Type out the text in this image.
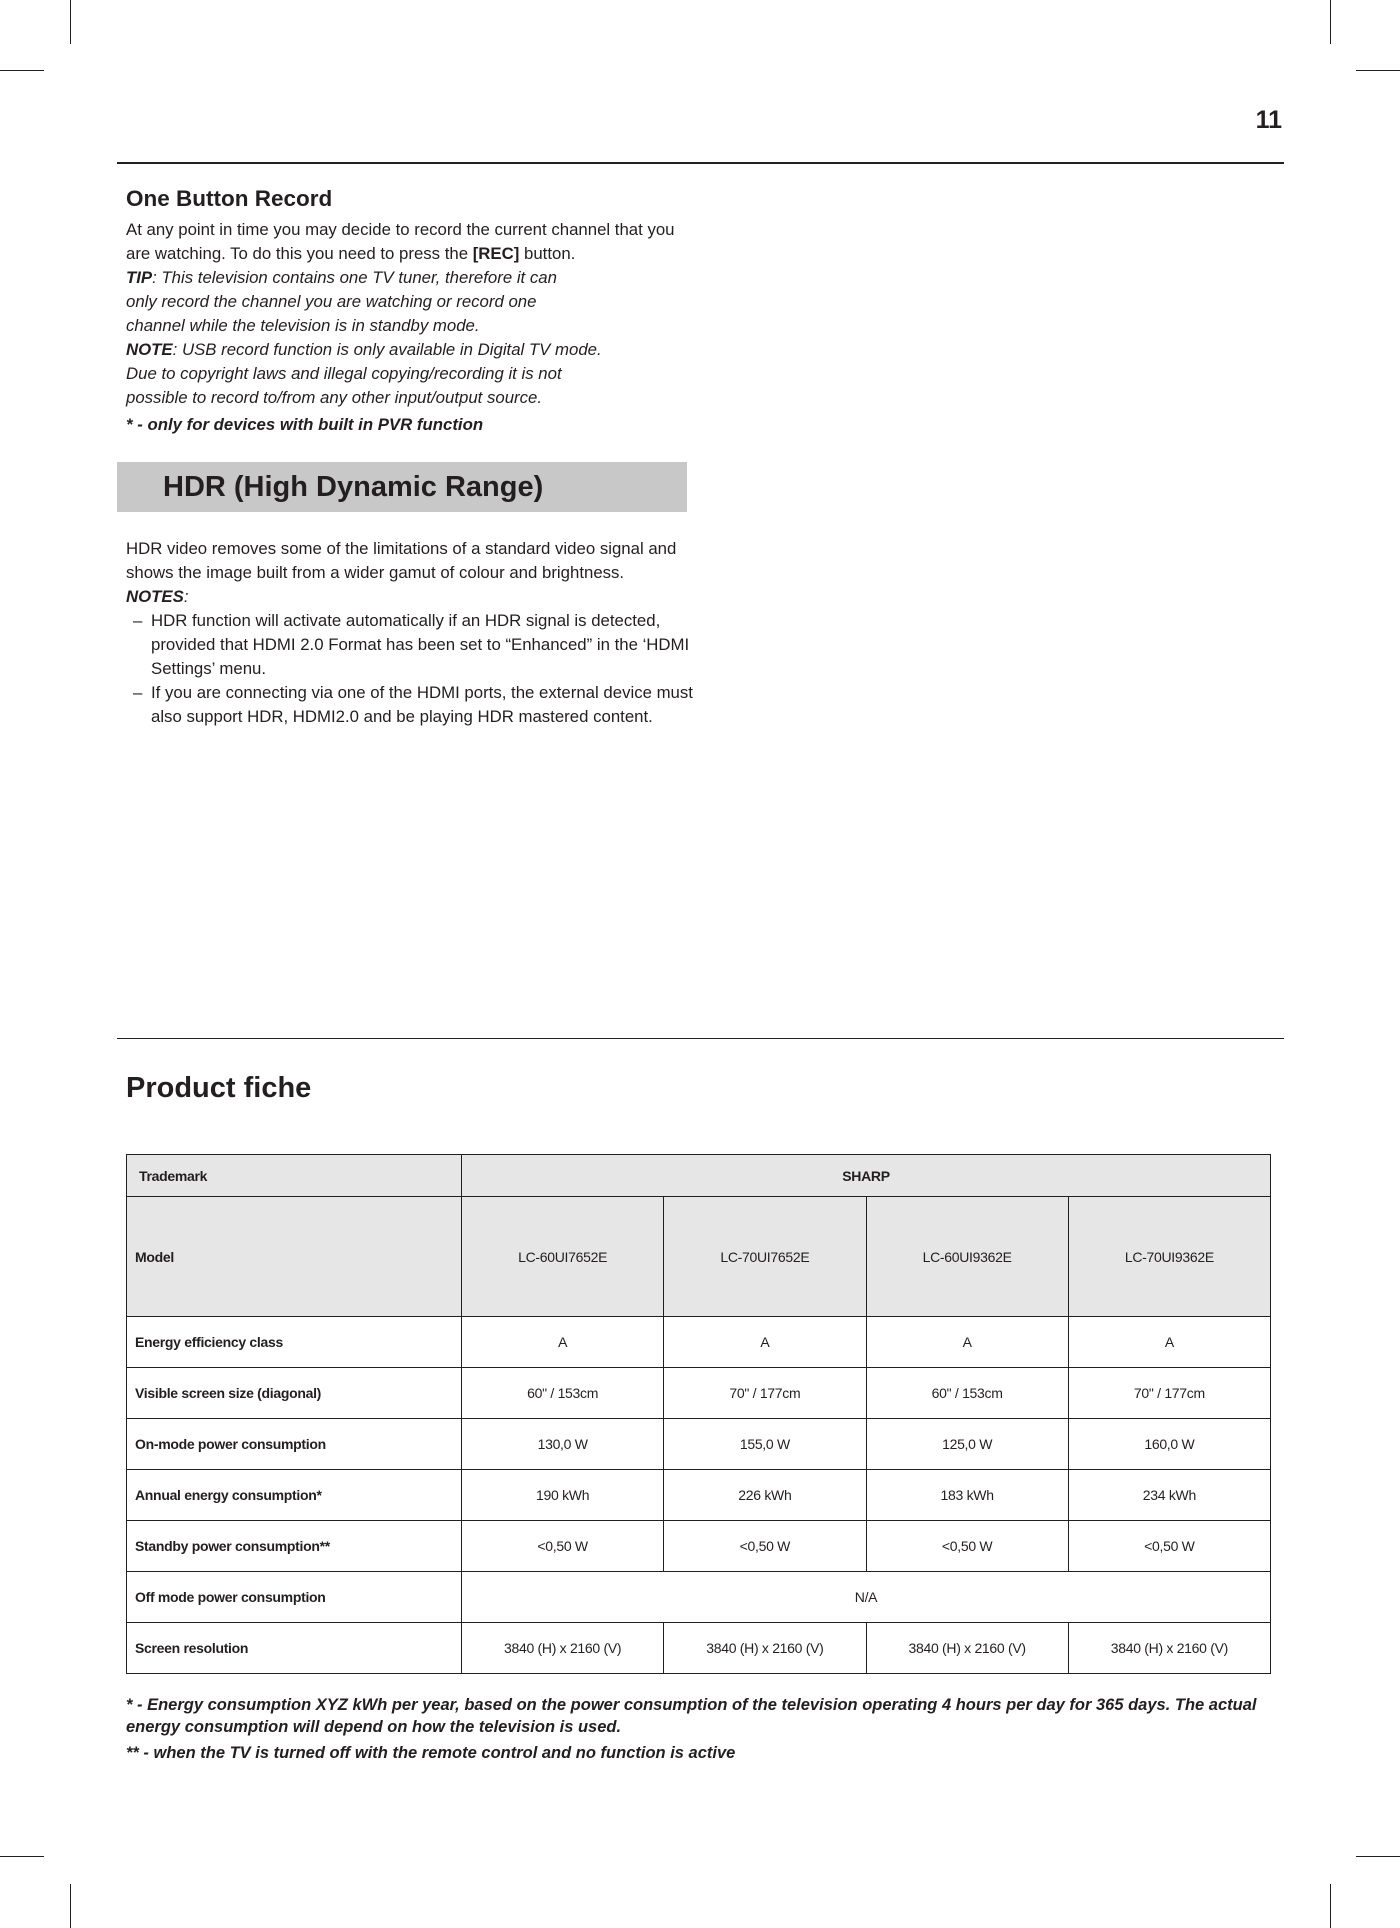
11
One Button Record

At any point in time you may decide to record the current channel that you are watching. To do this you need to press the [REC] button.

TIP: This television contains one TV tuner, therefore it can
only record the channel you are watching or record one
channel while the television is in standby mode.

NOTE: USB record function is only available in Digital TV mode.
Due to copyright laws and illegal copying/recording it is not
possible to record to/from any other input/output source.

* - only for devices with built in PVR function

HDR (High Dynamic Range)

HDR video removes some of the limitations of a standard video signal and shows the image built from a wider gamut of colour and brightness.

NOTES:

– HDR function will activate automatically if an HDR signal is detected, provided that HDMI 2.0 Format has been set to “Enhanced” in the ‘HDMI Settings’ menu.
– If you are connecting via one of the HDMI ports, the external device must also support HDR, HDMI2.0 and be playing HDR mastered content.
Product fiche
Trademark	SHARP			
Model	LC-60UI7652E	LC-70UI7652E	LC-60UI9362E	LC-70UI9362E
Energy efficiency class	A	A	A	A
Visible screen size (diagonal)	60" / 153cm	70" / 177cm	60" / 153cm	70" / 177cm
On-mode power consumption	130,0 W	155,0 W	125,0 W	160,0 W
Annual energy consumption*	190 kWh	226 kWh	183 kWh	234 kWh
Standby power consumption**	<0,50 W	<0,50 W	<0,50 W	<0,50 W
Off mode power consumption	N/A			
Screen resolution	3840 (H) x 2160 (V)	3840 (H) x 2160 (V)	3840 (H) x 2160 (V)	3840 (H) x 2160 (V)

* - Energy consumption XYZ kWh per year, based on the power consumption of the television operating 4 hours per day for 365 days. The actual energy consumption will depend on how the television is used.

** - when the TV is turned off with the remote control and no function is active
